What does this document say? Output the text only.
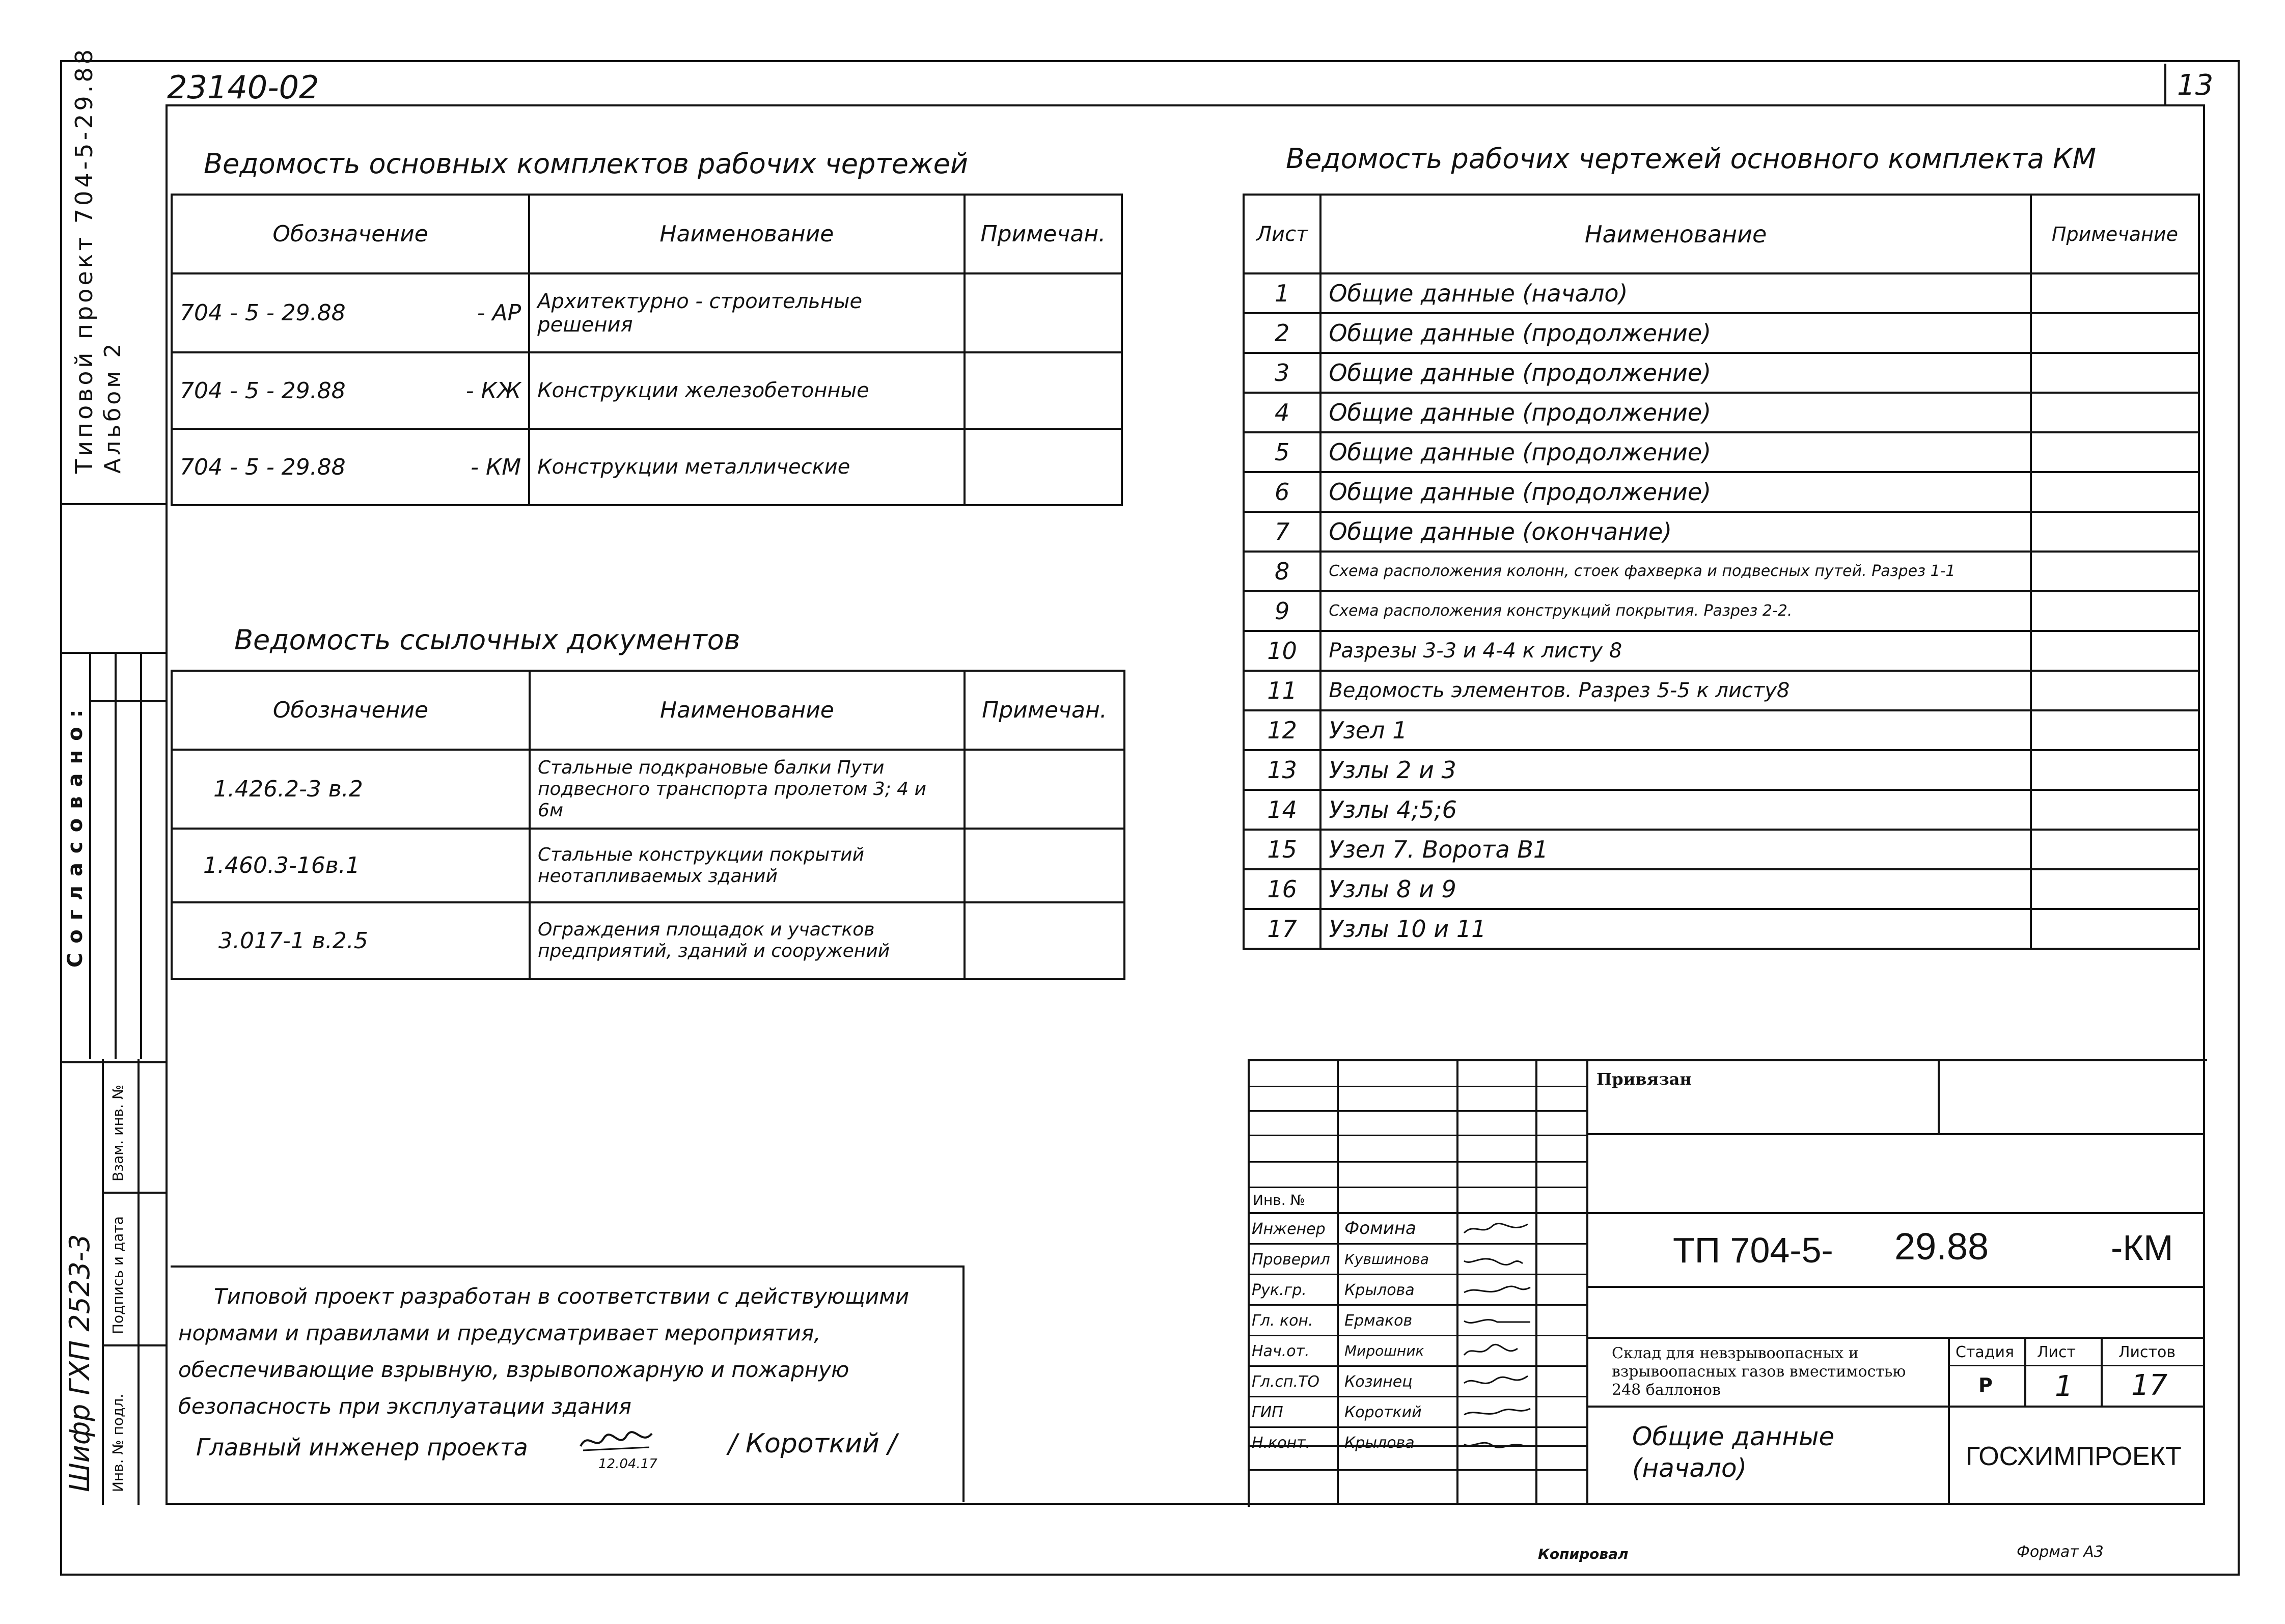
23140-02	13
Типовой проект 704-5-29.88 Альбом 2
Согласовано:
Шифр ГХП 2523-3
Взам. инв. №
Подпись и дата
Инв. № подл.
Ведомость основных комплектов рабочих чертежей
Обозначение	Наименование	Примечан.
704 - 5 - 29.88 - АР	Архитектурно - строительные решения	
704 - 5 - 29.88 - КЖ	Конструкции железобетонные	
704 - 5 - 29.88 - КМ	Конструкции металлические	
Ведомость ссылочных документов
Обозначение	Наименование	Примечан.
1.426.2-3 в.2	Стальные подкрановые балки Пути подвесного транспорта пролетом 3; 4 и 6м	
1.460.3-16в.1	Стальные конструкции покрытий неотапливаемых зданий	
3.017-1 в.2.5	Ограждения площадок и участков предприятий, зданий и сооружений	
Ведомость рабочих чертежей основного комплекта КМ
Лист	Наименование	Примечание
1	Общие данные (начало)	
2	Общие данные (продолжение)	
3	Общие данные (продолжение)	
4	Общие данные (продолжение)	
5	Общие данные (продолжение)	
6	Общие данные (продолжение)	
7	Общие данные (окончание)	
8	Схема расположения колонн, стоек фахверка и подвесных путей. Разрез 1-1	
9	Схема расположения конструкций покрытия. Разрез 2-2.	
10	Разрезы 3-3 и 4-4 к листу 8	
11	Ведомость элементов. Разрез 5-5 к листу8	
12	Узел 1	
13	Узлы 2 и 3	
14	Узлы 4;5;6	
15	Узел 7. Ворота В1	
16	Узлы 8 и 9	
17	Узлы 10 и 11	
Типовой проект разработан в соответствии с действующими нормами и правилами и предусматривает мероприятия, обеспечивающие взрывную, взрывопожарную и пожарную безопасность при эксплуатации здания
Главный инженер проекта
12.04.17
/ Короткий /
Инв. №
Инженер Фомина
Проверил Кувшинова
Рук.гр. Крылова
Гл. кон. Ермаков
Нач.от. Мирошник
Гл.сп.ТО Козинец
ГИП	Короткий
Н.конт. Крылова
Привязан
ТП 704-5- 29.88	-КМ
Склад для невзрывоопасных и взрывоопасных газов вместимостью 248 баллонов
Стадия Лист	Листов
Р 1 17
Общие данные (начало)	ГОСХИМПРОЕКТ
Копировал	Формат А3
